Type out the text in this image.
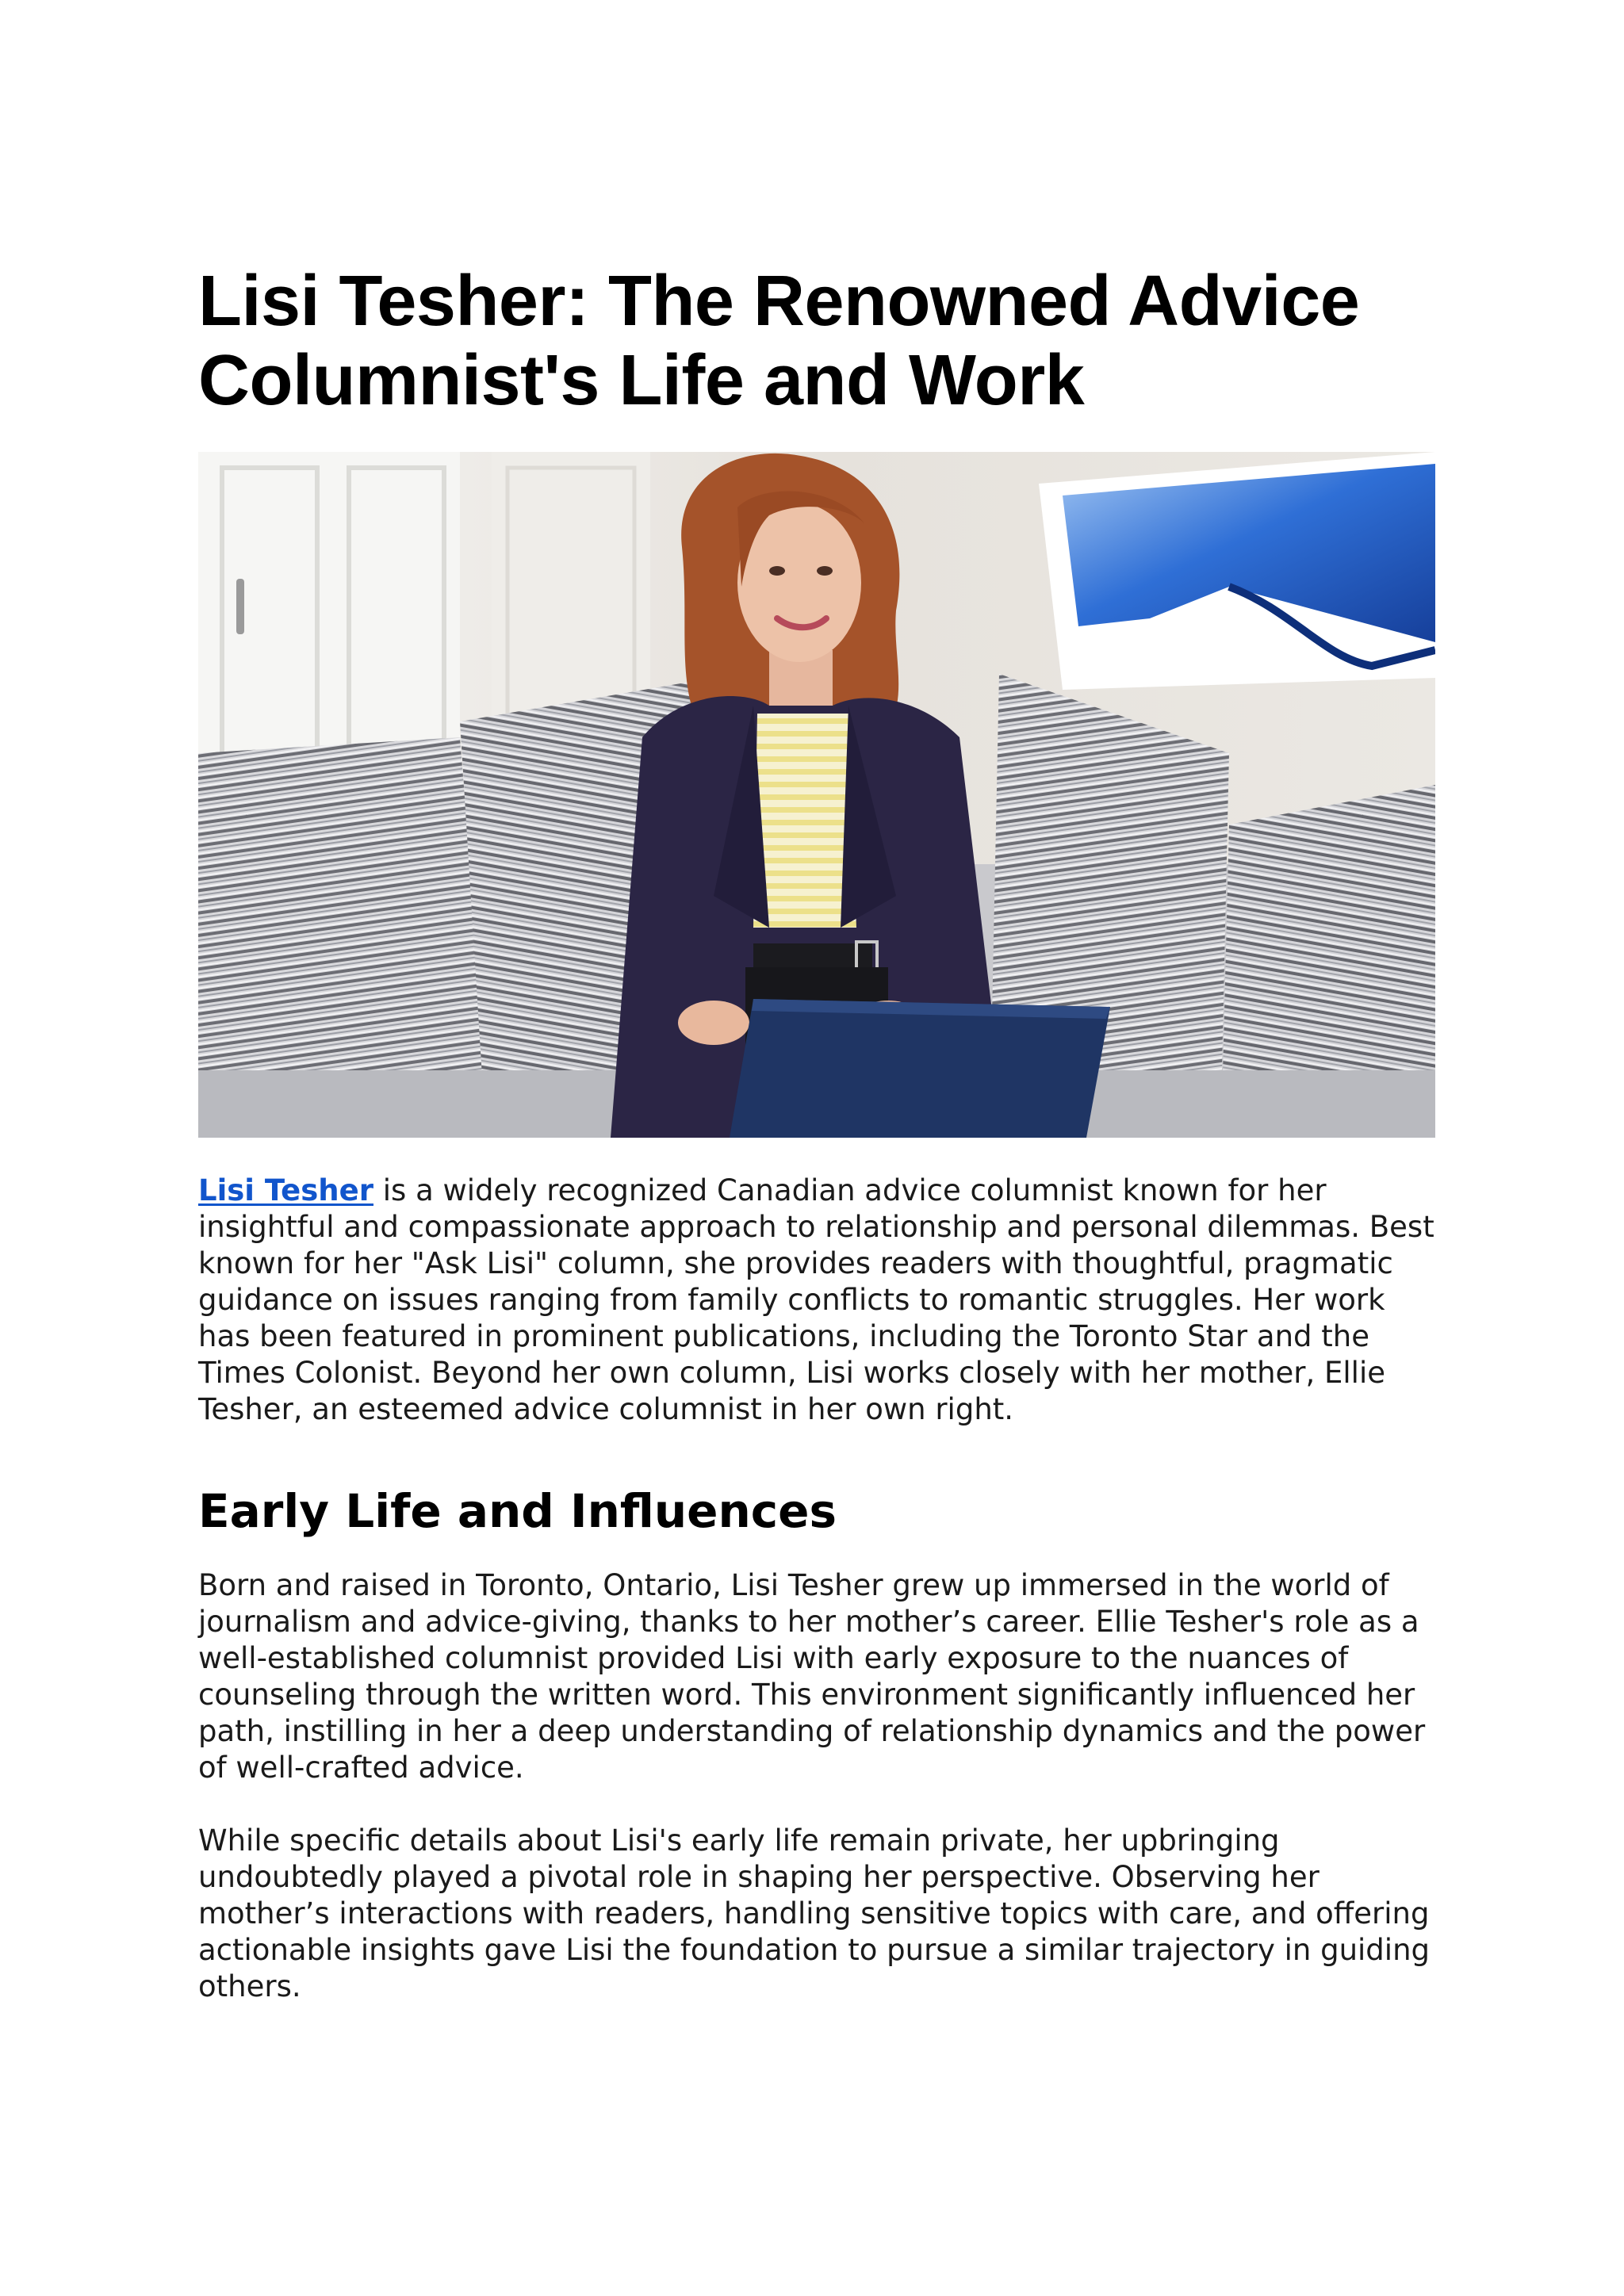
Lisi Tesher: The Renowned Advice Columnist's Life and Work

Lisi Tesher is a widely recognized Canadian advice columnist known for her insightful and compassionate approach to relationship and personal dilemmas. Best known for her "Ask Lisi" column, she provides readers with thoughtful, pragmatic guidance on issues ranging from family conflicts to romantic struggles. Her work has been featured in prominent publications, including the Toronto Star and the Times Colonist. Beyond her own column, Lisi works closely with her mother, Ellie Tesher, an esteemed advice columnist in her own right.

Early Life and Influences

Born and raised in Toronto, Ontario, Lisi Tesher grew up immersed in the world of journalism and advice-giving, thanks to her mother’s career. Ellie Tesher's role as a well-established columnist provided Lisi with early exposure to the nuances of counseling through the written word. This environment significantly influenced her path, instilling in her a deep understanding of relationship dynamics and the power of well-crafted advice.

While specific details about Lisi's early life remain private, her upbringing undoubtedly played a pivotal role in shaping her perspective. Observing her mother’s interactions with readers, handling sensitive topics with care, and offering actionable insights gave Lisi the foundation to pursue a similar trajectory in guiding others.
